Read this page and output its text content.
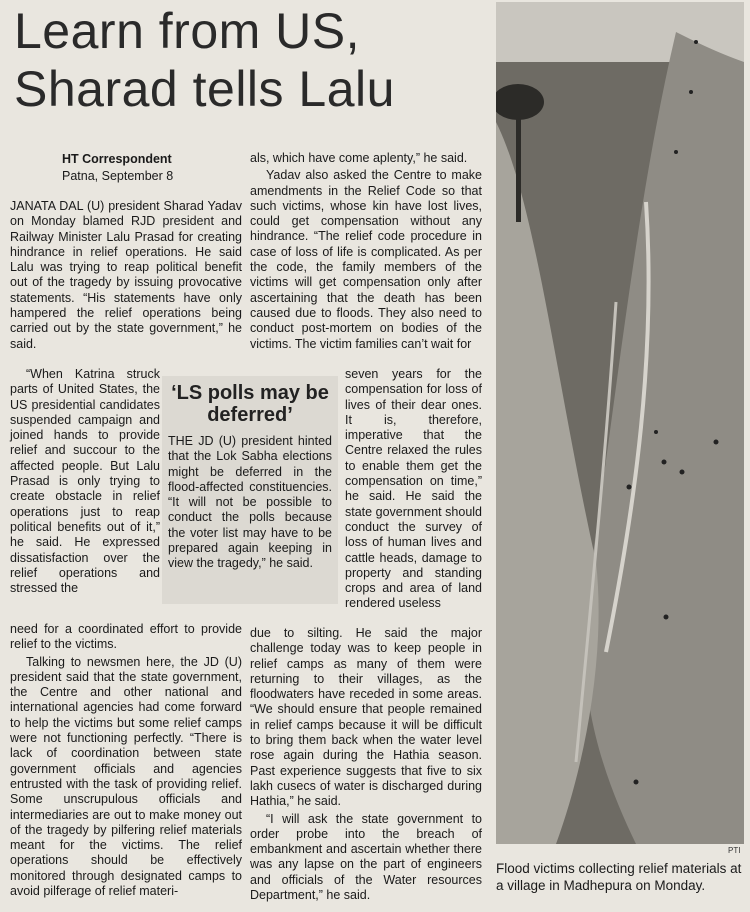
Learn from US,
Sharad tells Lalu
HT Correspondent
Patna, September 8

JANATA DAL (U) president Sharad Yadav on Monday blamed RJD president and Railway Minister Lalu Prasad for creating hindrance in relief operations. He said Lalu was trying to reap political benefit out of the tragedy by issuing provocative statements. “His statements have only hampered the relief operations being carried out by the state government,” he said.

“When Katrina struck parts of United States, the US presidential candidates suspended campaign and joined hands to provide relief and succour to the affected people. But Lalu Prasad is only trying to create obstacle in relief operations just to reap political benefits out of it,” he said. He expressed dissatisfaction over the relief operations and stressed the

‘LS polls may be deferred’

THE JD (U) president hinted that the Lok Sabha elections might be deferred in the flood-affected constituencies. “It will not be possible to conduct the polls because the voter list may have to be prepared again keeping in view the tragedy,” he said.

need for a coordinated effort to provide relief to the victims.

Talking to newsmen here, the JD (U) president said that the state government, the Centre and other national and international agencies had come forward to help the victims but some relief camps were not functioning perfectly. “There is lack of coordination between state government officials and agencies entrusted with the task of providing relief. Some unscrupulous officials and intermediaries are out to make money out of the tragedy by pilfering relief materials meant for the victims. The relief operations should be effectively monitored through designated camps to avoid pilferage of relief materi-

als, which have come aplenty,” he said.

Yadav also asked the Centre to make amendments in the Relief Code so that such victims, whose kin have lost lives, could get compensation without any hindrance. “The relief code procedure in case of loss of life is complicated. As per the code, the family members of the victims will get compensation only after ascertaining that the death has been caused due to floods. They also need to conduct post-mortem on bodies of the victims. The victim families can’t wait for

seven years for the compensation for loss of lives of their dear ones. It is, therefore, imperative that the Centre relaxed the rules to enable them get the compensation on time,” he said. He said the state government should conduct the survey of loss of human lives and cattle heads, damage to property and standing crops and area of land rendered useless

due to silting. He said the major challenge today was to keep people in relief camps as many of them were returning to their villages, as the floodwaters have receded in some areas. “We should ensure that people remained in relief camps because it will be difficult to bring them back when the water level rose again during the Hathia season. Past experience suggests that five to six lakh cusecs of water is discharged during Hathia,” he said.

“I will ask the state government to order probe into the breach of embankment and ascertain whether there was any lapse on the part of engineers and officials of the Water resources Department,” he said.

PTI
Flood victims collecting relief materials at a village in Madhepura on Monday.
